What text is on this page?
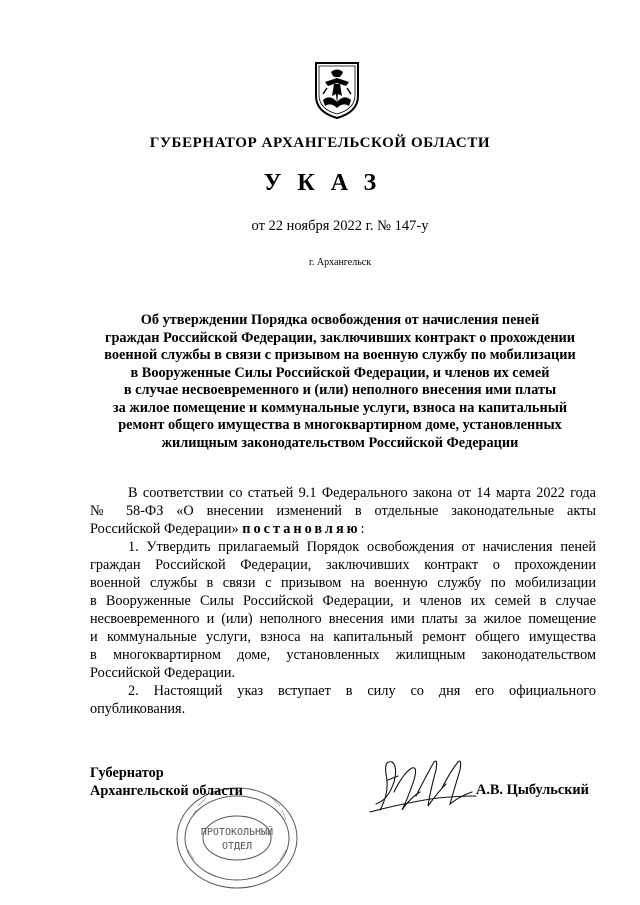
ГУБЕРНАТОР АРХАНГЕЛЬСКОЙ ОБЛАСТИ
УКАЗ
от 22 ноября 2022 г. № 147-у
г. Архангельск
Об утверждении Порядка освобождения от начисления пеней
граждан Российской Федерации, заключивших контракт о прохождении
военной службы в связи с призывом на военную службу по мобилизации
в Вооруженные Силы Российской Федерации, и членов их семей
в случае несвоевременного и (или) неполного внесения ими платы
за жилое помещение и коммунальные услуги, взноса на капитальный
ремонт общего имущества в многоквартирном доме, установленных
жилищным законодательством Российской Федерации
В соответствии со статьей 9.1 Федерального закона от 14 марта 2022 года
№ 58-ФЗ «О внесении изменений в отдельные законодательные акты
Российской Федерации» постановляю:
1. Утвердить прилагаемый Порядок освобождения от начисления пеней
граждан Российской Федерации, заключивших контракт о прохождении
военной службы в связи с призывом на военную службу по мобилизации
в Вооруженные Силы Российской Федерации, и членов их семей в случае
несвоевременного и (или) неполного внесения ими платы за жилое помещение
и коммунальные услуги, взноса на капитальный ремонт общего имущества
в многоквартирном доме, установленных жилищным законодательством
Российской Федерации.
2. Настоящий указ вступает в силу со дня его официального
опубликования.
ПРОТОКОЛЬНЫЙ
ОТДЕЛ
Губернатор
Архангельской области	А.В. Цыбульский
